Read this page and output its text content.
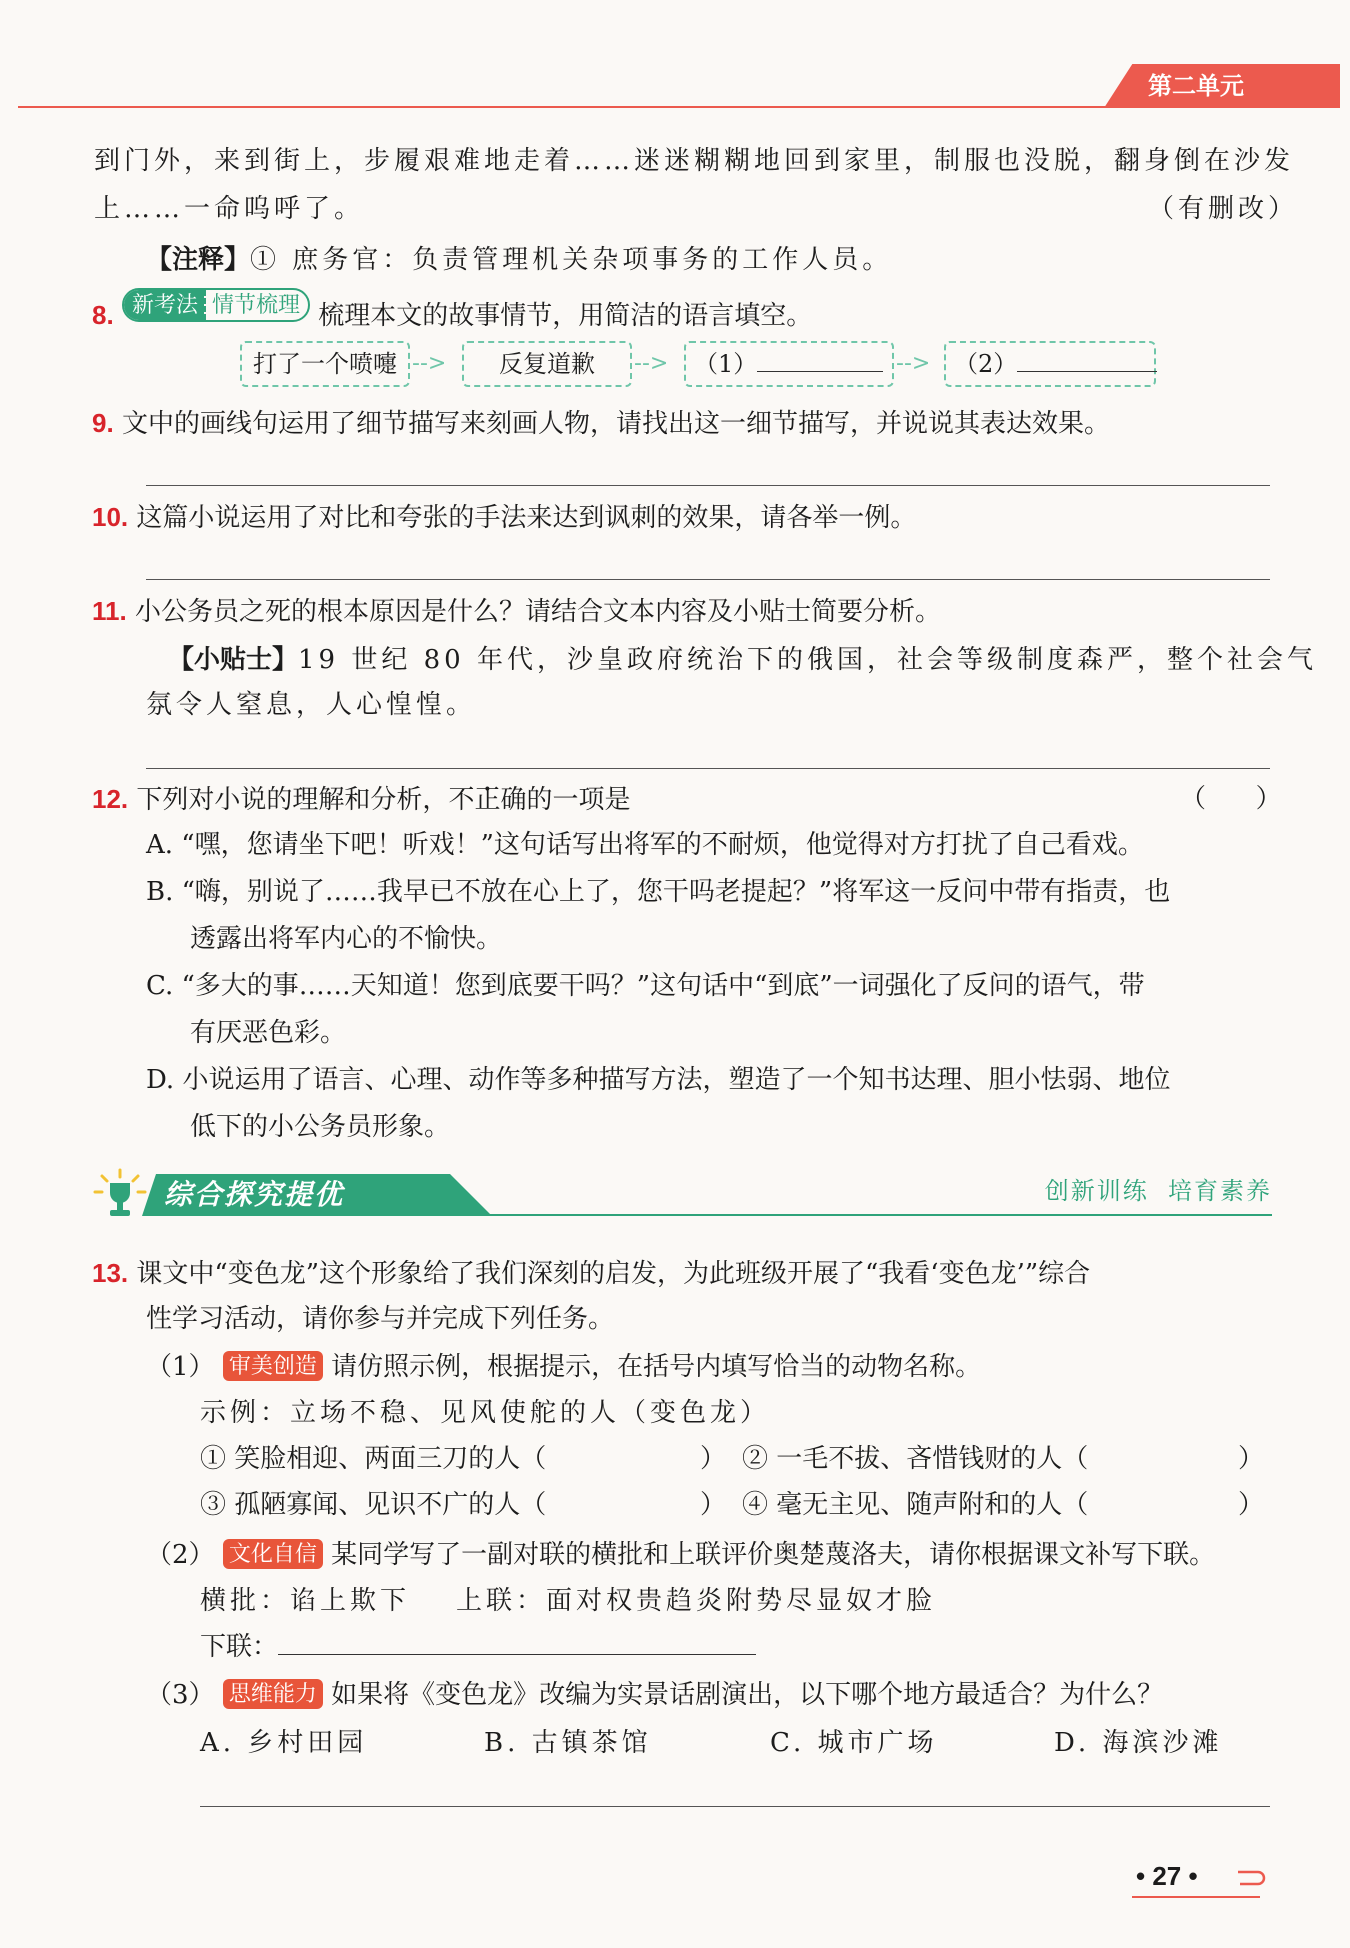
第二单元
到门外，来到街上，步履艰难地走着……迷迷糊糊地回到家里，制服也没脱，翻身倒在沙发
上……一命呜呼了。	（有删改）
【注释】① 庶务官：负责管理机关杂项事务的工作人员。
8. 新考法 情节梳理 梳理本文的故事情节，用简洁的语言填空。
打了一个喷嚏 -->	反复道歉	-->	（1）	--> （2）
9. 文中的画线句运用了细节描写来刻画人物，请找出这一细节描写，并说说其表达效果。
10. 这篇小说运用了对比和夸张的手法来达到讽刺的效果，请各举一例。
11. 小公务员之死的根本原因是什么？请结合文本内容及小贴士简要分析。
【小贴士】19 世纪 80 年代，沙皇政府统治下的俄国，社会等级制度森严，整个社会气
氛令人窒息，人心惶惶。
12. 下列对小说的理解和分析，不正确的一项是	（      ）
A. “嘿，您请坐下吧！听戏！”这句话写出将军的不耐烦，他觉得对方打扰了自己看戏。
B. “嗨，别说了……我早已不放在心上了，您干吗老提起？”将军这一反问中带有指责，也
透露出将军内心的不愉快。
C. “多大的事……天知道！您到底要干吗？”这句话中“到底”一词强化了反问的语气，带
有厌恶色彩。
D. 小说运用了语言、心理、动作等多种描写方法，塑造了一个知书达理、胆小怯弱、地位
低下的小公务员形象。
综合探究提优	创新训练  培育素养
13. 课文中“变色龙”这个形象给了我们深刻的启发，为此班级开展了“我看‘变色龙’”综合
性学习活动，请你参与并完成下列任务。
（1） 审美创造 请仿照示例，根据提示，在括号内填写恰当的动物名称。
示例：立场不稳、见风使舵的人（变色龙）
① 笑脸相迎、两面三刀的人（	） ② 一毛不拔、吝惜钱财的人（	）
③ 孤陋寡闻、见识不广的人（	） ④ 毫无主见、随声附和的人（	）
（2） 文化自信 某同学写了一副对联的横批和上联评价奥楚蔑洛夫，请你根据课文补写下联。
横批：谄上欺下 上联：面对权贵趋炎附势尽显奴才脸
下联：
（3） 思维能力 如果将《变色龙》改编为实景话剧演出，以下哪个地方最适合？为什么？
A. 乡村田园	B. 古镇茶馆	C. 城市广场	D. 海滨沙滩
• 27 •
